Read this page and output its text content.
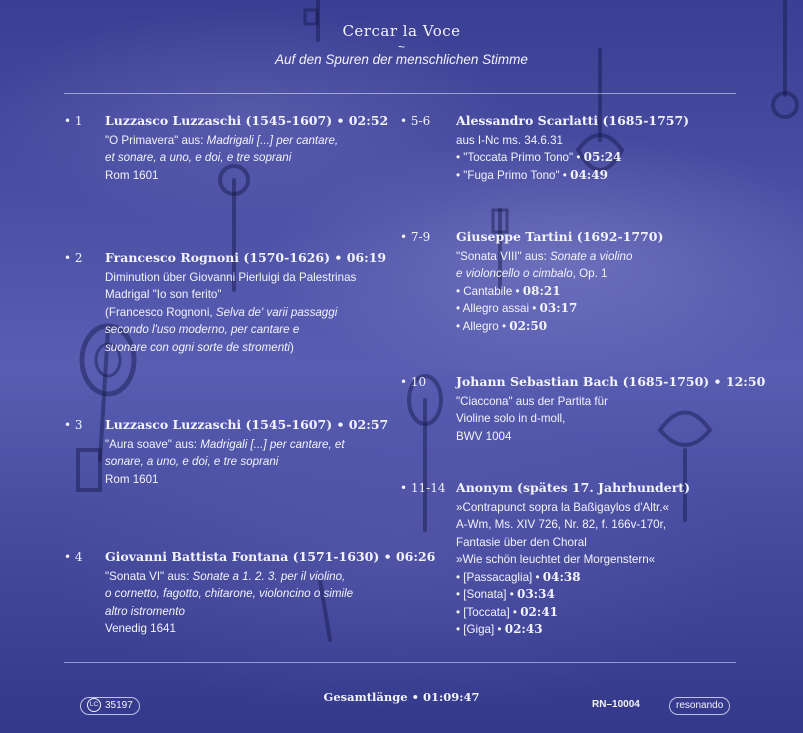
Cercar la Voce
~
Auf den Spuren der menschlichen Stimme
• 1 Luzzasco Luzzaschi (1545-1607) • 02:52
"O Primavera" aus: Madrigali [...] per cantare,
et sonare, a uno, e doi, e tre soprani
Rom 1601
• 2 Francesco Rognoni (1570-1626) • 06:19
Diminution über Giovanni Pierluigi da Palestrinas
Madrigal "Io son ferito"
(Francesco Rognoni, Selva de' varii passaggi
secondo l'uso moderno, per cantare e
suonare con ogni sorte de stromenti)
• 3 Luzzasco Luzzaschi (1545-1607) • 02:57
"Aura soave" aus: Madrigali [...] per cantare, et
sonare, a uno, e doi, e tre soprani
Rom 1601
• 4 Giovanni Battista Fontana (1571-1630) • 06:26
"Sonata VI" aus: Sonate a 1. 2. 3. per il violino,
o cornetto, fagotto, chitarone, violoncino o simile
altro istromento
Venedig 1641
• 5-6 Alessandro Scarlatti (1685-1757)
aus I-Nc ms. 34.6.31
• "Toccata Primo Tono" • 05:24
• "Fuga Primo Tono" • 04:49
• 7-9 Giuseppe Tartini (1692-1770)
"Sonata VIII" aus: Sonate a violino
e violoncello o cimbalo, Op. 1
• Cantabile • 08:21
• Allegro assai • 03:17
• Allegro • 02:50
• 10 Johann Sebastian Bach (1685-1750) • 12:50
"Ciaccona" aus der Partita für
Violine solo in d-moll,
BWV 1004
• 11-14 Anonym (spätes 17. Jahrhundert)
»Contrapunct sopra la Baßigaylos d'Altr.«
A-Wm, Ms. XIV 726, Nr. 82, f. 166v-170r,
Fantasie über den Choral
»Wie schön leuchtet der Morgenstern«
• [Passacaglia] • 04:38
• [Sonata] • 03:34
• [Toccata] • 02:41
• [Giga] • 02:43
LC 35197
Gesamtlänge • 01:09:47
RN–10004	resonando
